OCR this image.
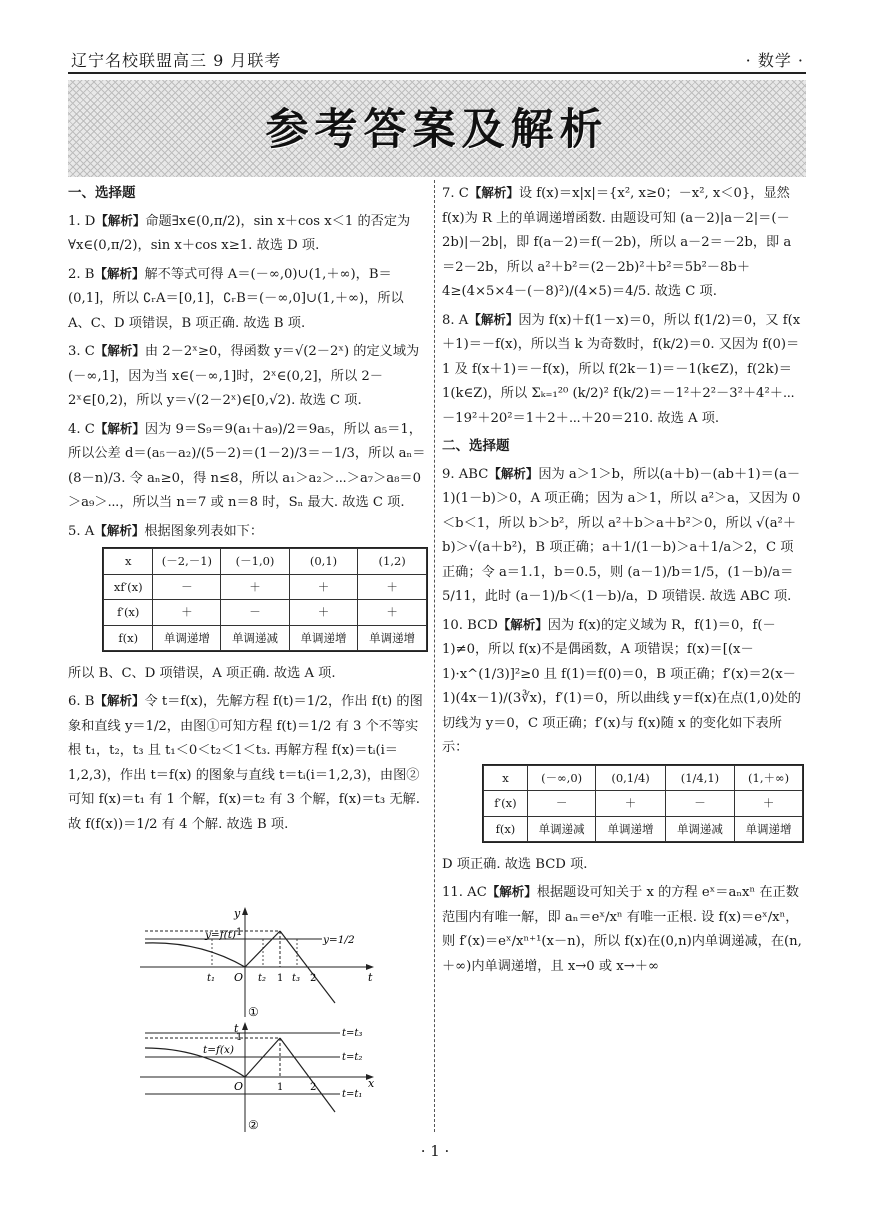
辽宁名校联盟高三 9 月联考	· 数学 ·
参考答案及解析

一、选择题

1. D【解析】命题∃x∈(0,π/2)，sin x＋cos x＜1 的否定为∀x∈(0,π/2)，sin x＋cos x≥1. 故选 D 项.

2. B【解析】解不等式可得 A＝(－∞,0)∪(1,＋∞)，B＝(0,1]，所以 ∁ᵣA＝[0,1]，∁ᵣB＝(－∞,0]∪(1,＋∞)，所以 A、C、D 项错误，B 项正确. 故选 B 项.

3. C【解析】由 2－2ˣ≥0，得函数 y＝√(2－2ˣ) 的定义域为(－∞,1]，因为当 x∈(－∞,1]时，2ˣ∈(0,2]，所以 2－2ˣ∈[0,2)，所以 y＝√(2－2ˣ)∈[0,√2). 故选 C 项.

4. C【解析】因为 9＝S₉＝9(a₁＋a₉)/2＝9a₅，所以 a₅＝1，所以公差 d＝(a₅－a₂)/(5－2)＝(1－2)/3＝－1/3，所以 aₙ＝(8－n)/3. 令 aₙ≥0，得 n≤8，所以 a₁＞a₂＞⋯＞a₇＞a₈＝0＞a₉＞⋯，所以当 n＝7 或 n＝8 时，Sₙ 最大. 故选 C 项.

5. A【解析】根据图象列表如下：

x	(－2,－1)	(－1,0)	(0,1)	(1,2)
xf′(x)	－	＋	＋	＋
f′(x)	＋	－	＋	＋
f(x)	单调递增	单调递减	单调递增	单调递增

所以 B、C、D 项错误，A 项正确. 故选 A 项.

6. B【解析】令 t＝f(x)，先解方程 f(t)＝1/2，作出 f(t) 的图象和直线 y＝1/2，由图①可知方程 f(t)＝1/2 有 3 个不等实根 t₁，t₂，t₃ 且 t₁＜0＜t₂＜1＜t₃. 再解方程 f(x)＝tᵢ(i＝1,2,3)，作出 t＝f(x) 的图象与直线 t＝tᵢ(i＝1,2,3)，由图②可知 f(x)＝t₁ 有 1 个解，f(x)＝t₂ 有 3 个解，f(x)＝t₃ 无解. 故 f(f(x))＝1/2 有 4 个解. 故选 B 项.

y
y=f(t)	y=1/2
1
O	t
t₁	t₂ 1 t₃ 2
①
t
t=f(x)
1
O	x
1	2
t=t₃
t=t₂
t=t₁
②

7. C【解析】设 f(x)＝x|x|＝{x², x≥0；－x², x＜0}，显然 f(x)为 R 上的单调递增函数. 由题设可知 (a－2)|a－2|＝(－2b)|－2b|，即 f(a－2)＝f(－2b)，所以 a－2＝－2b，即 a＝2－2b，所以 a²＋b²＝(2－2b)²＋b²＝5b²－8b＋4≥(4×5×4－(－8)²)/(4×5)＝4/5. 故选 C 项.

8. A【解析】因为 f(x)＋f(1－x)＝0，所以 f(1/2)＝0，又 f(x＋1)＝－f(x)，所以当 k 为奇数时，f(k/2)＝0. 又因为 f(0)＝1 及 f(x＋1)＝－f(x)，所以 f(2k－1)＝－1(k∈Z)，f(2k)＝1(k∈Z)，所以 Σₖ₌₁²⁰ (k/2)² f(k/2)＝－1²＋2²－3²＋4²＋⋯－19²＋20²＝1＋2＋⋯＋20＝210. 故选 A 项.

二、选择题

9. ABC【解析】因为 a＞1＞b，所以(a＋b)－(ab＋1)＝(a－1)(1－b)＞0，A 项正确；因为 a＞1，所以 a²＞a，又因为 0＜b＜1，所以 b＞b²，所以 a²＋b＞a＋b²＞0，所以 √(a²＋b)＞√(a＋b²)，B 项正确；a＋1/(1－b)＞a＋1/a＞2，C 项正确；令 a＝1.1，b＝0.5，则 (a－1)/b＝1/5，(1－b)/a＝5/11，此时 (a－1)/b＜(1－b)/a，D 项错误. 故选 ABC 项.

10. BCD【解析】因为 f(x)的定义域为 R，f(1)＝0，f(－1)≠0，所以 f(x)不是偶函数，A 项错误；f(x)＝[(x－1)·x^(1/3)]²≥0 且 f(1)＝f(0)＝0，B 项正确；f′(x)＝2(x－1)(4x－1)/(3∛x)，f′(1)＝0，所以曲线 y＝f(x)在点(1,0)处的切线为 y＝0，C 项正确；f′(x)与 f(x)随 x 的变化如下表所示：

x	(－∞,0)	(0,1/4)	(1/4,1)	(1,＋∞)
f′(x)	－	＋	－	＋
f(x)	单调递减	单调递增	单调递减	单调递增

D 项正确. 故选 BCD 项.

11. AC【解析】根据题设可知关于 x 的方程 eˣ＝aₙxⁿ 在正数范围内有唯一解，即 aₙ＝eˣ/xⁿ 有唯一正根. 设 f(x)＝eˣ/xⁿ，则 f′(x)＝eˣ/xⁿ⁺¹(x－n)，所以 f(x)在(0,n)内单调递减，在(n,＋∞)内单调递增，且 x→0 或 x→＋∞

· 1 ·
